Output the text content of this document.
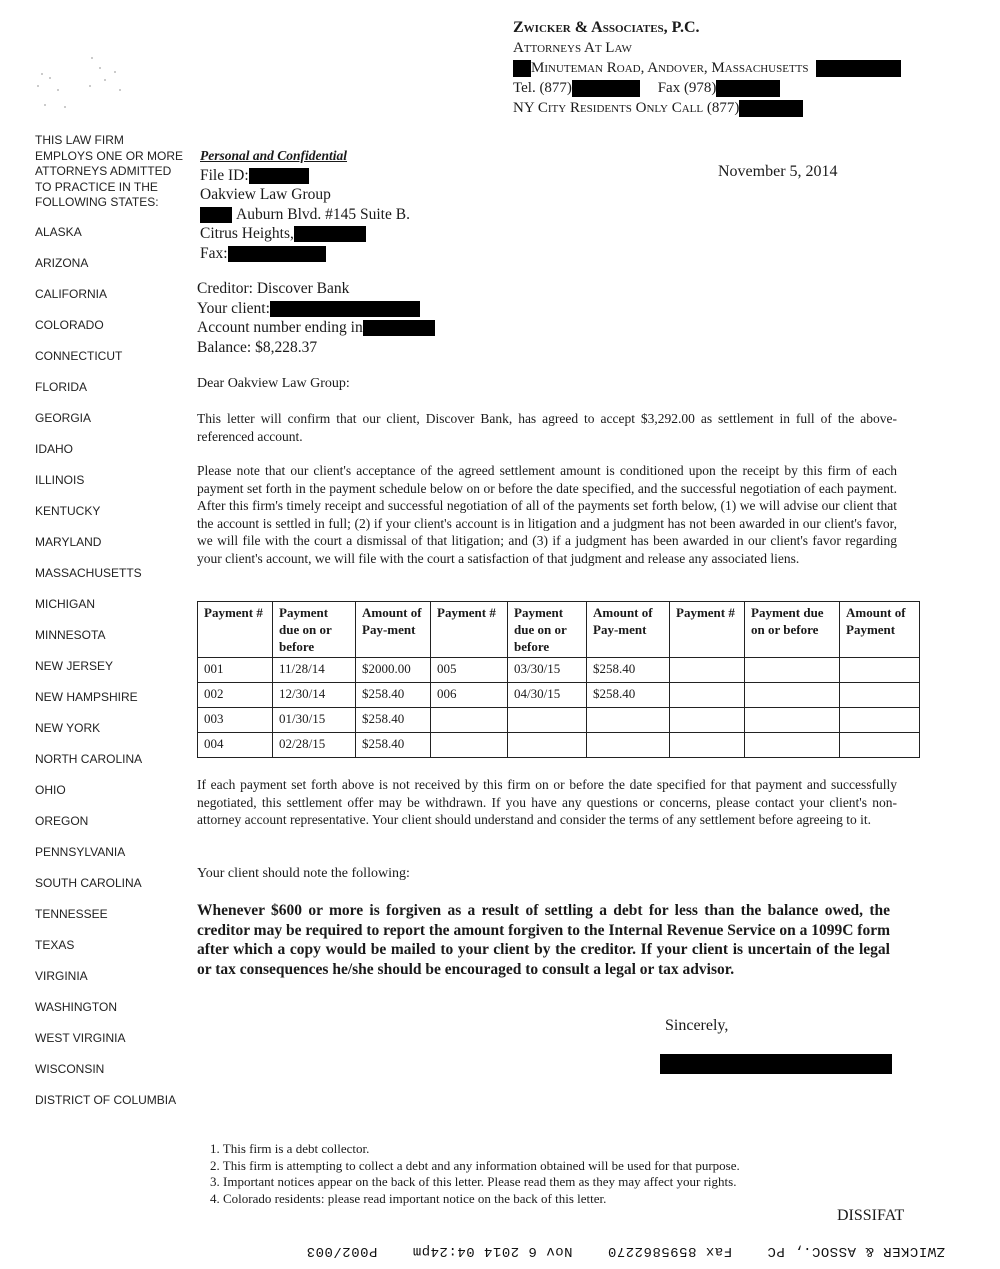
Zwicker & Associates, P.C.
Attorneys At Law
Minuteman Road, Andover, Massachusetts
Tel. (877)	Fax (978)
NY City Residents Only Call (877)
THIS LAW FIRM EMPLOYS ONE OR MORE ATTORNEYS ADMITTED TO PRACTICE IN THE FOLLOWING STATES:
ALASKA
ARIZONA
CALIFORNIA
COLORADO
CONNECTICUT
FLORIDA
GEORGIA
IDAHO
ILLINOIS
KENTUCKY
MARYLAND
MASSACHUSETTS
MICHIGAN
MINNESOTA
NEW JERSEY
NEW HAMPSHIRE
NEW YORK
NORTH CAROLINA
OHIO
OREGON
PENNSYLVANIA
SOUTH CAROLINA
TENNESSEE
TEXAS
VIRGINIA
WASHINGTON
WEST VIRGINIA
WISCONSIN
DISTRICT OF COLUMBIA
November 5, 2014
Personal and Confidential
File ID:
Oakview Law Group
Auburn Blvd. #145 Suite B.
Citrus Heights,
Fax:
Creditor: Discover Bank
Your client:
Account number ending in
Balance: $8,228.37
Dear Oakview Law Group:
This letter will confirm that our client, Discover Bank, has agreed to accept $3,292.00 as settlement in full of the above-referenced account.
Please note that our client's acceptance of the agreed settlement amount is conditioned upon the receipt by this firm of each payment set forth in the payment schedule below on or before the date specified, and the successful negotiation of each payment. After this firm's timely receipt and successful negotiation of all of the payments set forth below, (1) we will advise our client that the account is settled in full; (2) if your client's account is in litigation and a judgment has not been awarded in our client's favor, we will file with the court a dismissal of that litigation; and (3) if a judgment has been awarded in our client's favor regarding your client's account, we will file with the court a satisfaction of that judgment and release any associated liens.
Payment #	Payment due on or before	Amount of Pay-ment	Payment #	Payment due on or before	Amount of Pay-ment	Payment #	Payment due on or before	Amount of Payment
001	11/28/14	$2000.00	005	03/30/15	$258.40			
002	12/30/14	$258.40	006	04/30/15	$258.40			
003	01/30/15	$258.40						
004	02/28/15	$258.40						
If each payment set forth above is not received by this firm on or before the date specified for that payment and successfully negotiated, this settlement offer may be withdrawn. If you have any questions or concerns, please contact your client's non-attorney account representative. Your client should understand and consider the terms of any settlement before agreeing to it.
Your client should note the following:
Whenever $600 or more is forgiven as a result of settling a debt for less than the balance owed, the creditor may be required to report the amount forgiven to the Internal Revenue Service on a 1099C form after which a copy would be mailed to your client by the creditor. If your client is uncertain of the legal or tax consequences he/she should be encouraged to consult a legal or tax advisor.
Sincerely,
1. This firm is a debt collector.
2. This firm is attempting to collect a debt and any information obtained will be used for that purpose.
3. Important notices appear on the back of this letter. Please read them as they may affect your rights.
4. Colorado residents: please read important notice on the back of this letter.
DISSIFAT
ZWICKER & ASSOC., PC Fax 8595862270 Nov 6 2014 04:24pm P002/003
